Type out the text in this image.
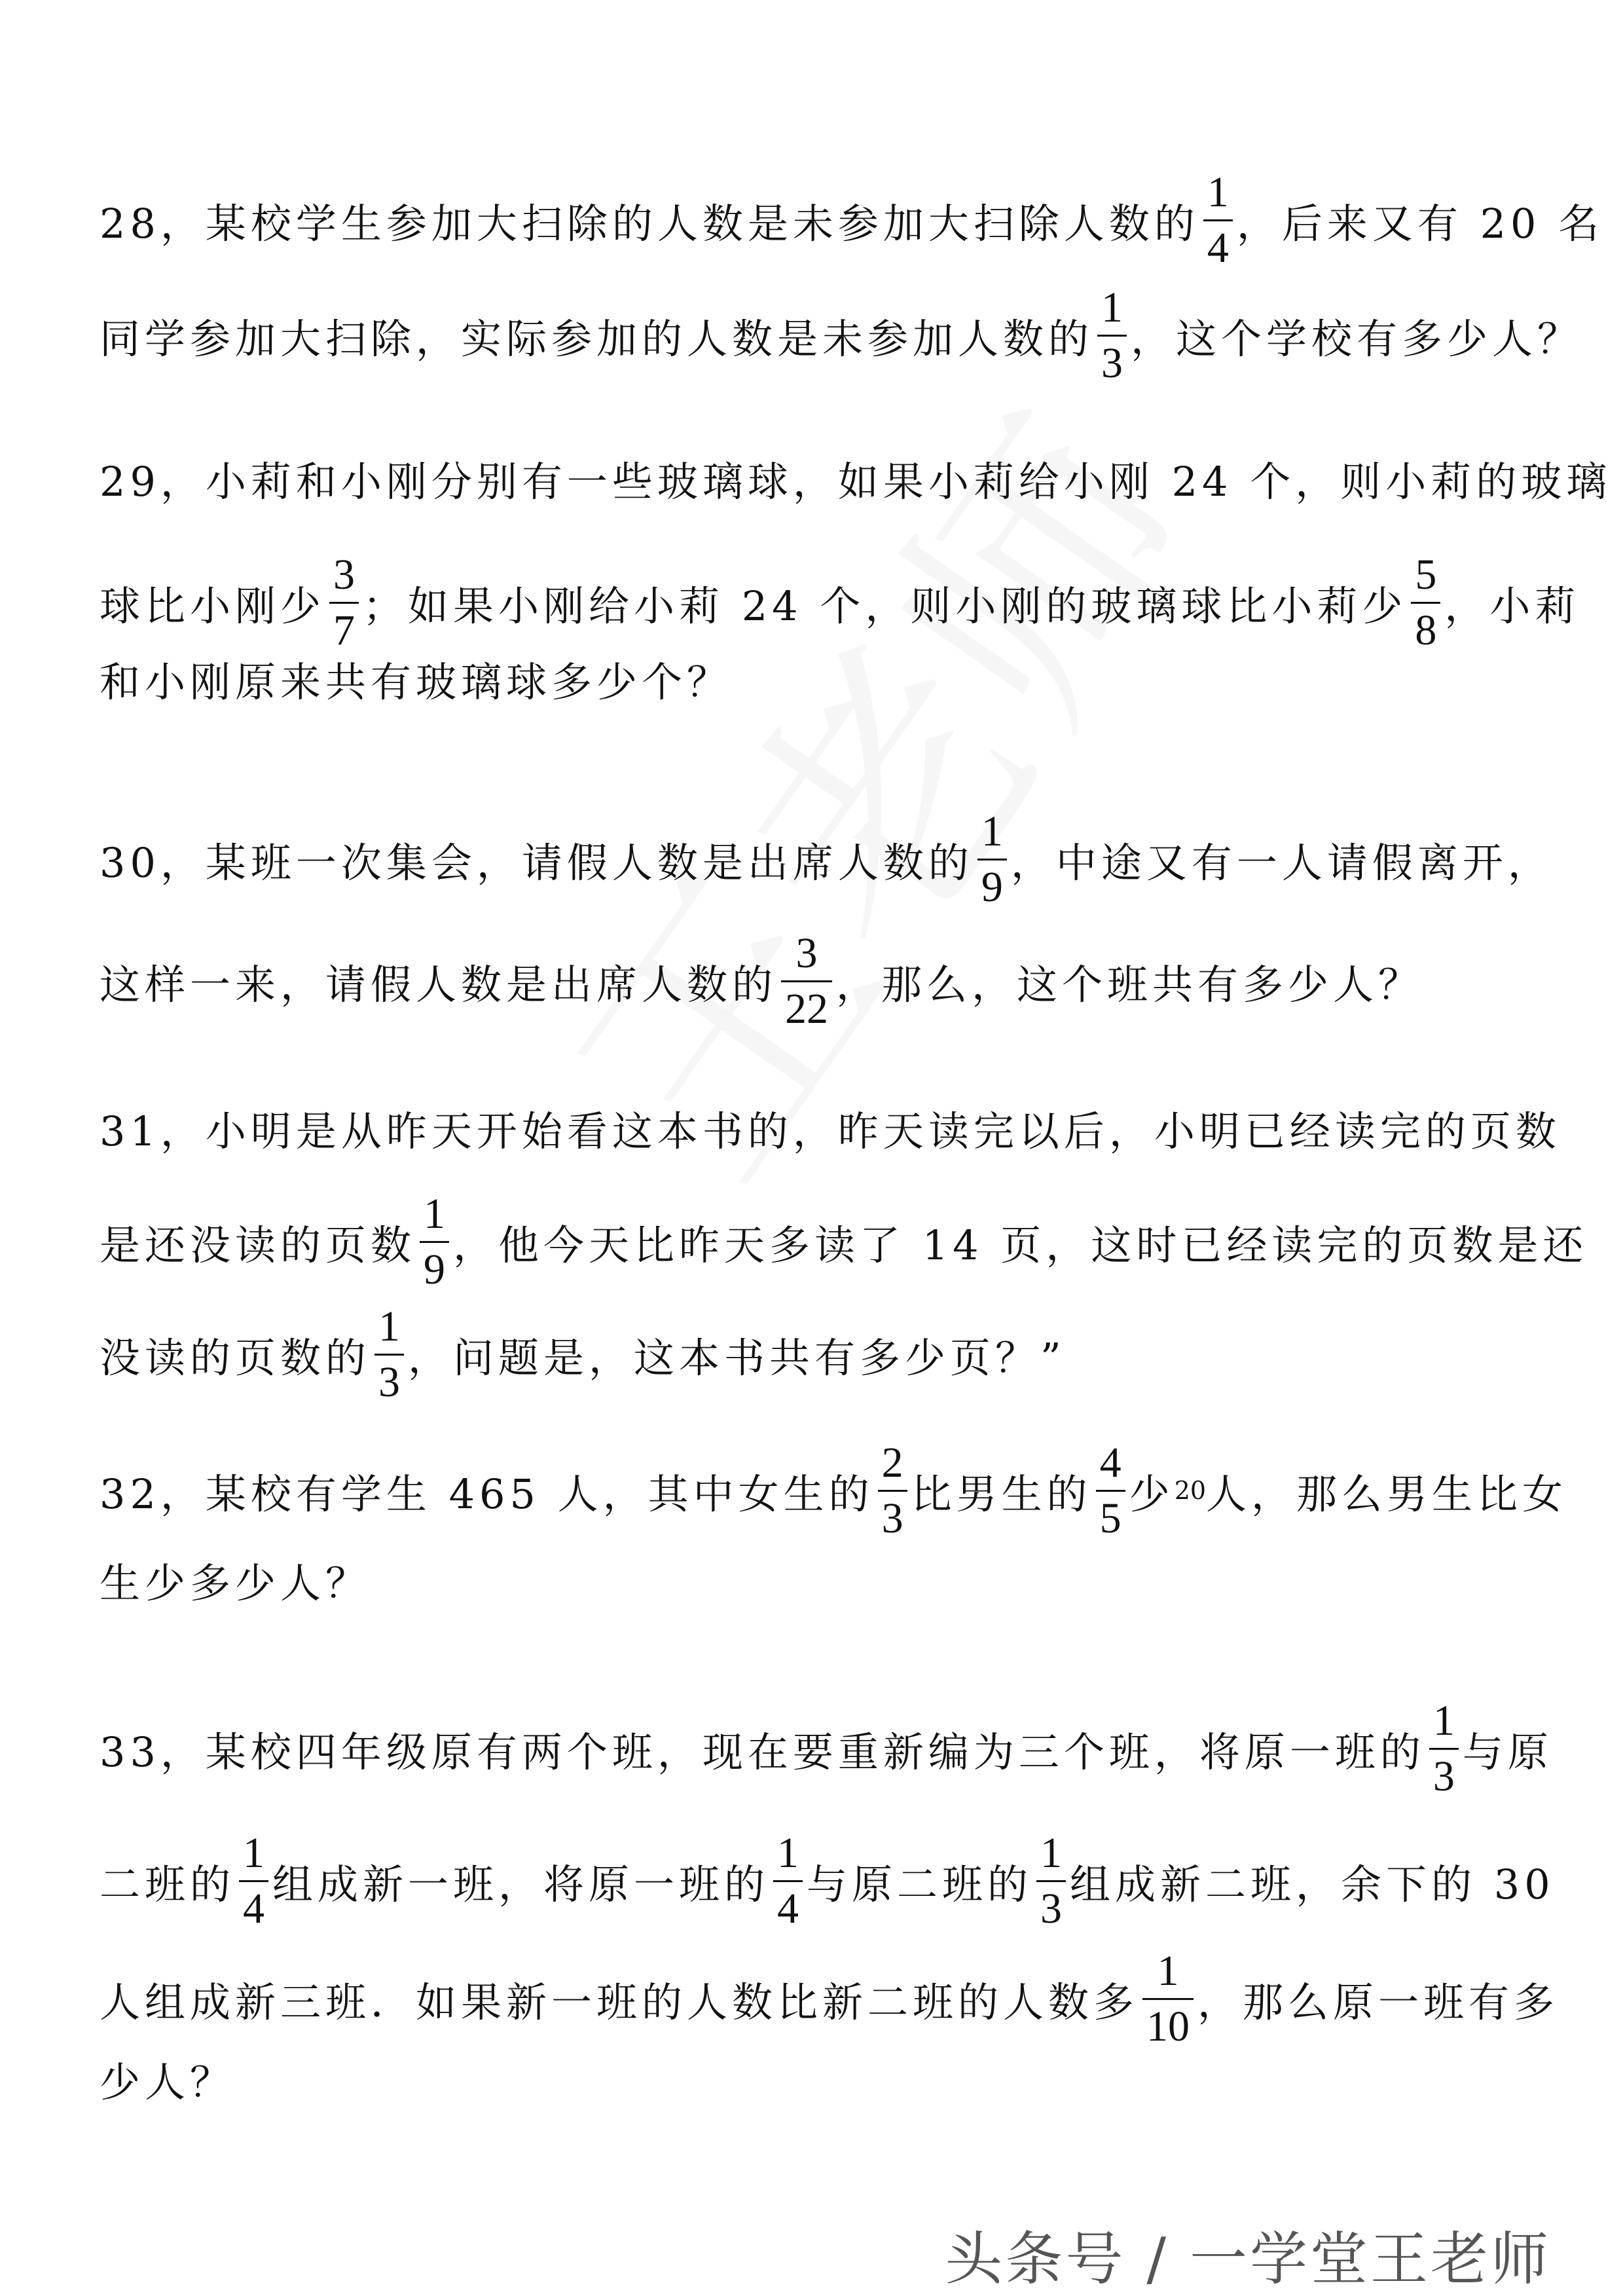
28，某校学生参加大扫除的人数是未参加大扫除人数的 $\frac{1}{4}$ ，后来又有 20 名
同学参加大扫除，实际参加的人数是未参加人数的 $\frac{1}{3}$ ，这个学校有多少人？
29，小莉和小刚分别有一些玻璃球，如果小莉给小刚 24 个，则小莉的玻璃
球比小刚少 $\frac{3}{7}$ ；如果小刚给小莉 24 个，则小刚的玻璃球比小莉少 $\frac{5}{8}$ ，小莉
和小刚原来共有玻璃球多少个？
30，某班一次集会，请假人数是出席人数的 $\frac{1}{9}$ ，中途又有一人请假离开，
这样一来，请假人数是出席人数的 $\frac{3}{22}$ ，那么，这个班共有多少人？
31，小明是从昨天开始看这本书的，昨天读完以后，小明已经读完的页数
是还没读的页数 $\frac{1}{9}$ ，他今天比昨天多读了 14 页，这时已经读完的页数是还
没读的页数的 $\frac{1}{3}$ ，问题是，这本书共有多少页？”
32，某校有学生 465 人，其中女生的 $\frac{2}{3}$ 比男生的 $\frac{4}{5}$ 少 20 人，那么男生比女
生少多少人？
33，某校四年级原有两个班，现在要重新编为三个班，将原一班的 $\frac{1}{3}$ 与原
二班的 $\frac{1}{4}$ 组成新一班，将原一班的 $\frac{1}{4}$ 与原二班的 $\frac{1}{3}$ 组成新二班，余下的 30
人组成新三班．如果新一班的人数比新二班的人数多 $\frac{1}{10}$ ，那么原一班有多
少人？
头条号 / 一学堂王老师
